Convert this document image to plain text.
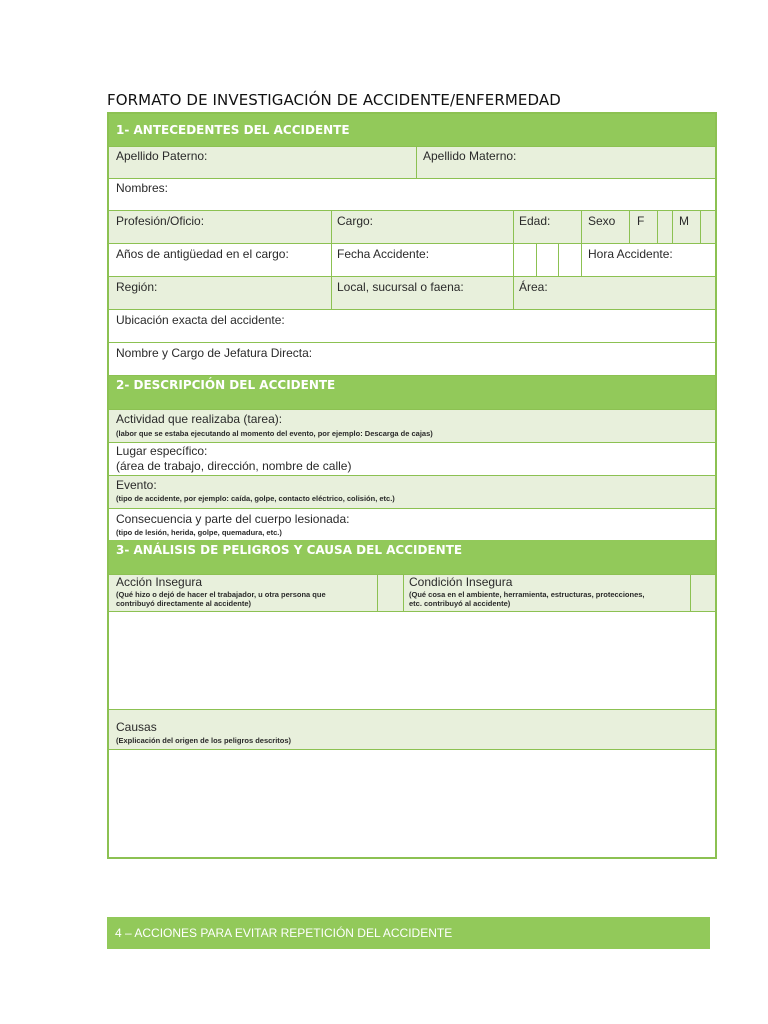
FORMATO DE INVESTIGACIÓN DE ACCIDENTE/ENFERMEDAD
1- ANTECEDENTES DEL ACCIDENTE
Apellido Paterno:	Apellido Materno:
Nombres:
Profesión/Oficio:	Cargo:	Edad:	Sexo F	M
Años de antigüedad en el cargo:	Fecha Accidente:	Hora Accidente:
Región:	Local, sucursal o faena:	Área:
Ubicación exacta del accidente:
Nombre y Cargo de Jefatura Directa:
2- DESCRIPCIÓN DEL ACCIDENTE
Actividad que realizaba (tarea):
(labor que se estaba ejecutando al momento del evento, por ejemplo: Descarga de cajas)
Lugar específico:
(área de trabajo, dirección, nombre de calle)
Evento:
(tipo de accidente, por ejemplo: caída, golpe, contacto eléctrico, colisión, etc.)
Consecuencia y parte del cuerpo lesionada:
(tipo de lesión, herida, golpe, quemadura, etc.)
3- ANÁLISIS DE PELIGROS Y CAUSA DEL ACCIDENTE
Acción Insegura
(Qué hizo o dejó de hacer el trabajador, u otra persona que
contribuyó directamente al accidente)
Condición Insegura
(Qué cosa en el ambiente, herramienta, estructuras, protecciones,
etc. contribuyó al accidente)
Causas
(Explicación del origen de los peligros descritos)
4 – ACCIONES PARA EVITAR REPETICIÓN DEL ACCIDENTE
